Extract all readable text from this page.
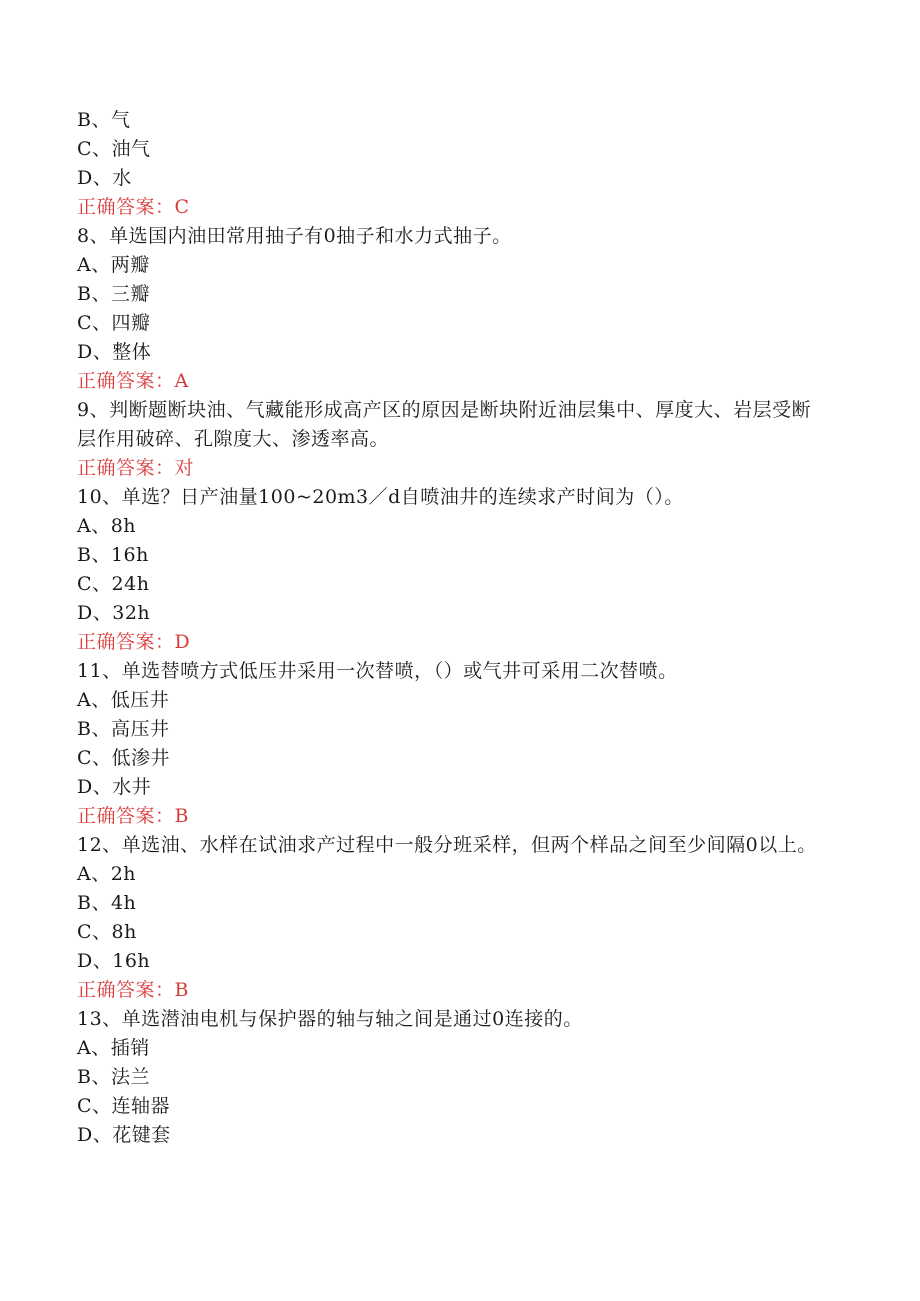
B、气
C、油气
D、水
正确答案：C
8、单选国内油田常用抽子有0抽子和水力式抽子。
A、两瓣
B、三瓣
C、四瓣
D、整体
正确答案：A
9、判断题断块油、气藏能形成高产区的原因是断块附近油层集中、厚度大、岩层受断层作用破碎、孔隙度大、渗透率高。
正确答案：对
10、单选？日产油量100~20m3／d自喷油井的连续求产时间为（）。
A、8h
B、16h
C、24h
D、32h
正确答案：D
11、单选替喷方式低压井采用一次替喷，（）或气井可采用二次替喷。
A、低压井
B、高压井
C、低渗井
D、水井
正确答案：B
12、单选油、水样在试油求产过程中一般分班采样，但两个样品之间至少间隔0以上。
A、2h
B、4h
C、8h
D、16h
正确答案：B
13、单选潜油电机与保护器的轴与轴之间是通过0连接的。
A、插销
B、法兰
C、连轴器
D、花键套
